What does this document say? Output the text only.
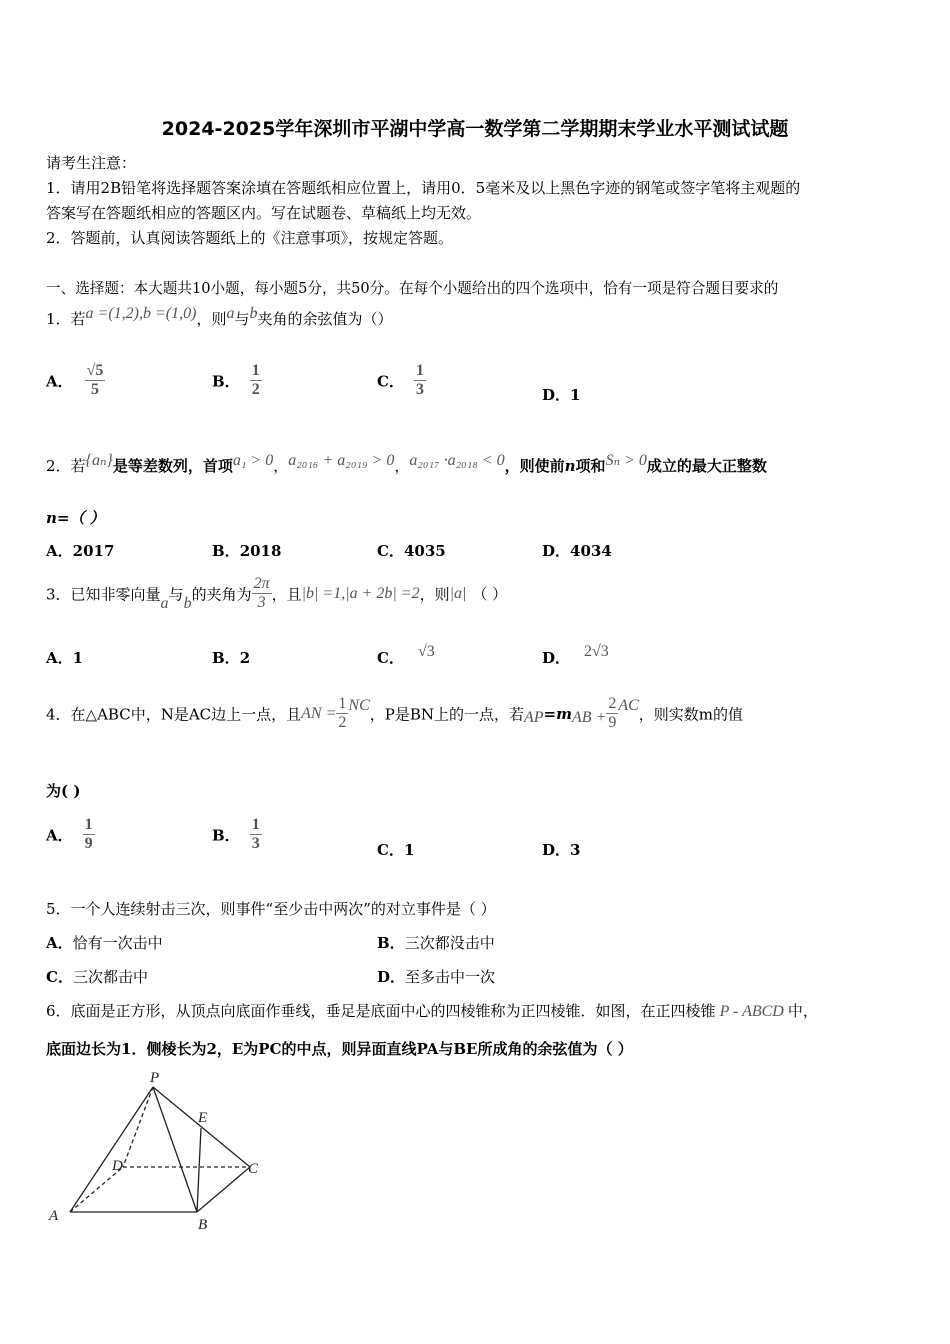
2024-2025学年深圳市平湖中学高一数学第二学期期末学业水平测试试题
请考生注意：
1．请用2B铅笔将选择题答案涂填在答题纸相应位置上，请用0．5毫米及以上黑色字迹的钢笔或签字笔将主观题的
答案写在答题纸相应的答题区内。写在试题卷、草稿纸上均无效。
2．答题前，认真阅读答题纸上的《注意事项》，按规定答题。
一、选择题：本大题共10小题，每小题5分，共50分。在每个小题给出的四个选项中，恰有一项是符合题目要求的
1．若a =(1,2),b =(1,0)，则a与b夹角的余弦值为（）
A． $\frac{√5}{5}$	B． $\frac{1}{2}$	C． $\frac{1}{3}$	D．1
2．若{aₙ}是等差数列，首项a₁ > 0，a₂₀₁₆ + a₂₀₁₉ > 0，a₂₀₁₇ ·a₂₀₁₈ < 0，则使前n项和Sₙ > 0成立的最大正整数
n=（ ）
A．2017	B．2018	C．4035	D．4034
3．已知非零向量a与b的夹角为 $\frac{2\pi}{3}$ ，且|b| =1,|a + 2b| =2，则|a| （ ）
A．1	B．2	C． √3	D． 2√3
4．在△ABC中，N是AC边上一点，且AN = $\frac{1}{2}$ NC，P是BN上的一点，若$AP=mAB + \frac{2}{9}$ AC，则实数m的值
为( )
A． $\frac{1}{9}$	B． $\frac{1}{3}$	C．1	D．3
5．一个人连续射击三次，则事件“至少击中两次”的对立事件是（ ）
A．恰有一次击中	B．三次都没击中
C．三次都击中	D．至多击中一次
6．底面是正方形，从顶点向底面作垂线，垂足是底面中心的四棱锥称为正四棱锥．如图，在正四棱锥 P - ABCD 中，
底面边长为1．侧棱长为2，E为PC的中点，则异面直线PA与BE所成角的余弦值为（ ）
P
E
D	C
A
B
